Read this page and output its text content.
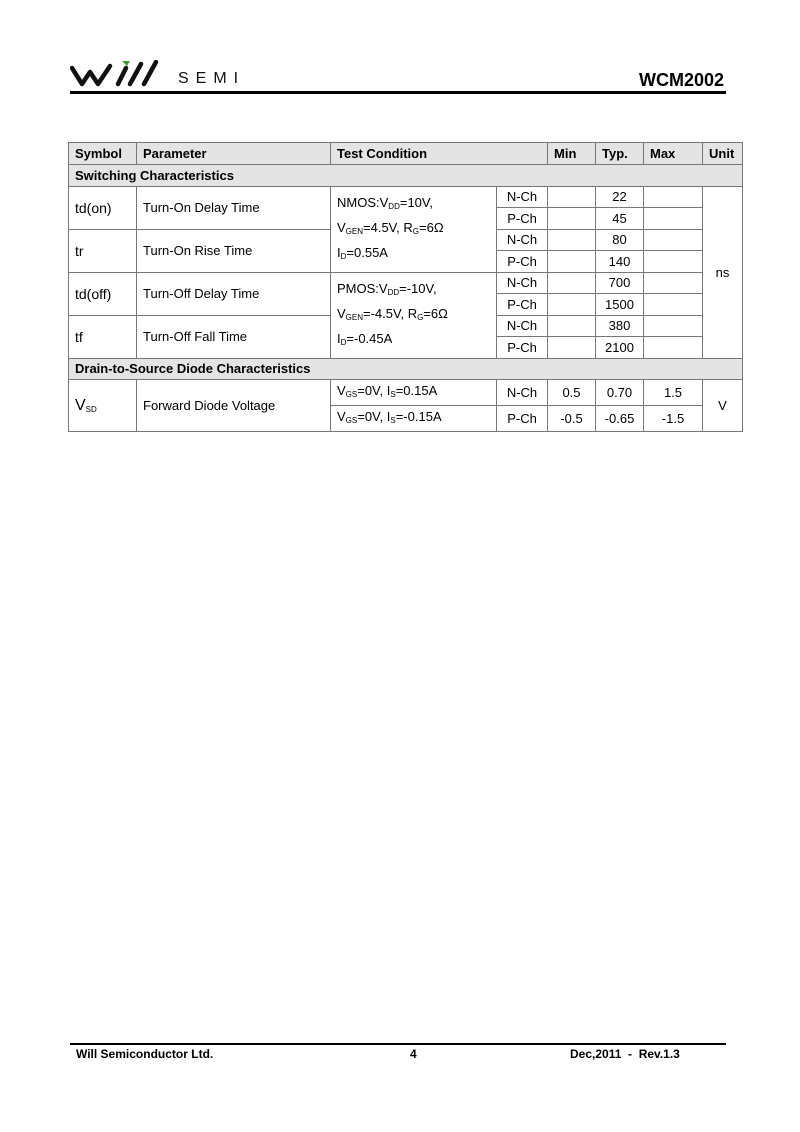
SEMI	WCM2002
Symbol	Parameter	Test Condition		Min	Typ.	Max	Unit
Switching Characteristics							
td(on)	Turn-On Delay Time	$NMOS:V_{DD}=10V$,
$V_{GEN}=4.5V$, $R_G=6\Omega$
$I_D=0.55A$	N-Ch		22		ns
			P-Ch		45		
tr	Turn-On Rise Time		N-Ch		80		
			P-Ch		140		
td(off)	Turn-Off Delay Time	$PMOS:V_{DD}=-10V$,
$V_{GEN}=-4.5V$, $R_G=6\Omega$
$I_D=-0.45A$	N-Ch		700		
			P-Ch		1500		
tf	Turn-Off Fall Time		N-Ch		380		
			P-Ch		2100		
Drain-to-Source Diode Characteristics							
$V_{SD}$	Forward Diode Voltage	$V_{GS}=0V$, $I_S=0.15A$	N-Ch	0.5	0.70	1.5	V
		$V_{GS}=0V$, $I_S=-0.15A$	P-Ch	-0.5	-0.65	-1.5	
Will Semiconductor Ltd.	4	Dec,2011  -  Rev.1.3
